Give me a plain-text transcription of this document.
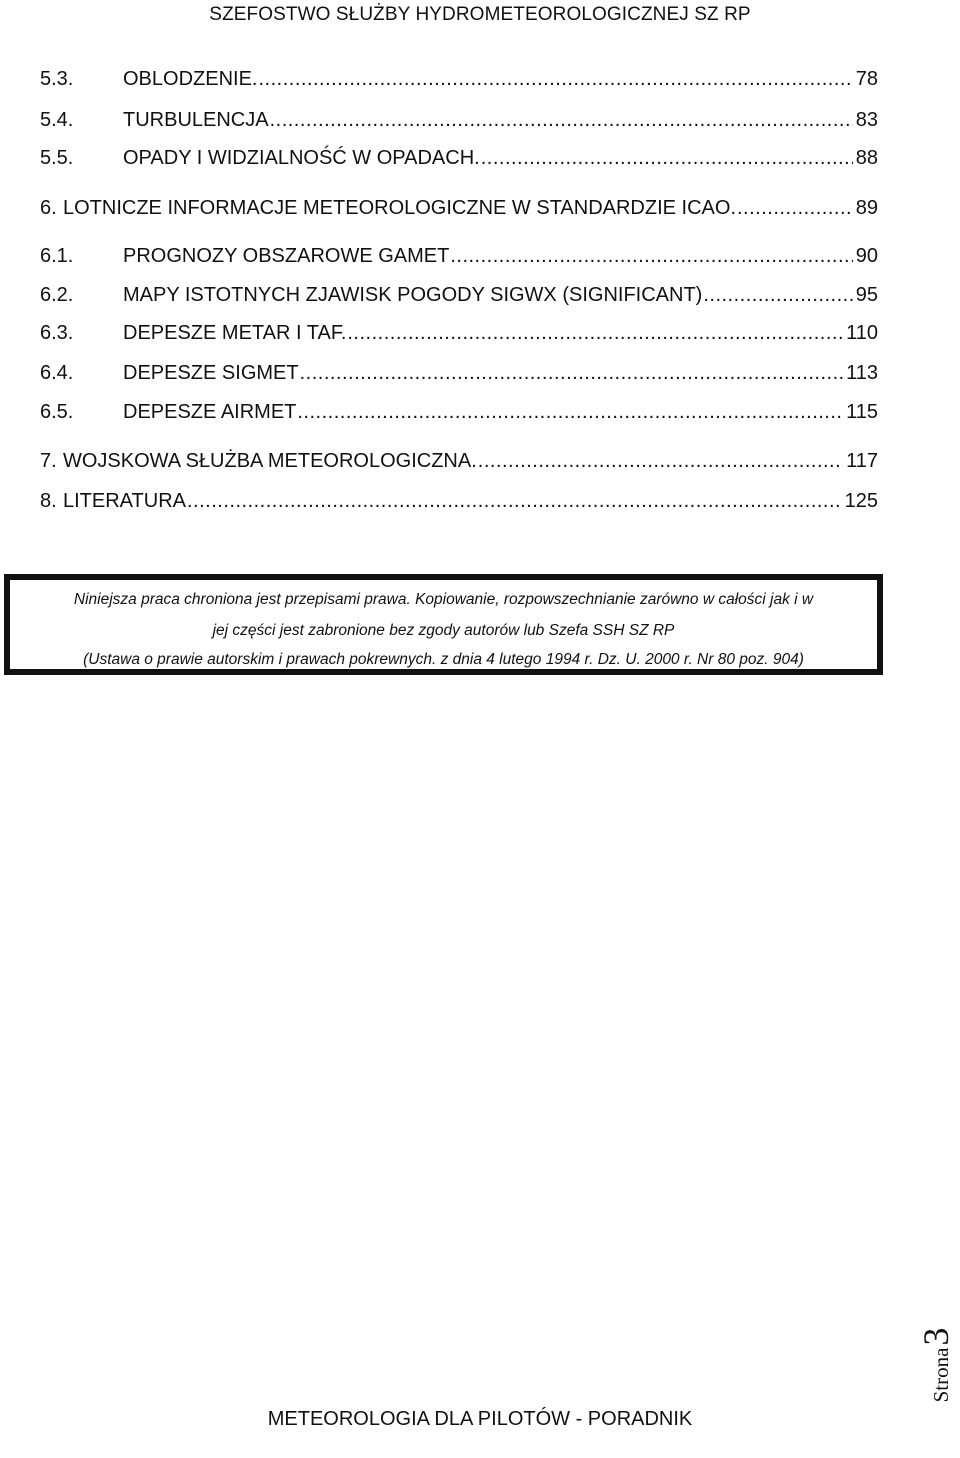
SZEFOSTWO SŁUŻBY HYDROMETEOROLOGICZNEJ SZ RP
5.3.	OBLODZENIE. .....	78
5.4.	TURBULENCJA .....	83
5.5.	OPADY I WIDZIALNOŚĆ W OPADACH. .....	88
6. LOTNICZE INFORMACJE METEOROLOGICZNE W STANDARDZIE ICAO. .....	89
6.1.	PROGNOZY OBSZAROWE GAMET .....	90
6.2.	MAPY ISTOTNYCH ZJAWISK POGODY SIGWX (SIGNIFICANT) .....	95
6.3.	DEPESZE METAR I TAF. .....	110
6.4.	DEPESZE SIGMET .....	113
6.5.	DEPESZE AIRMET .....	115
7. WOJSKOWA SŁUŻBA METEOROLOGICZNA. .....	117
8. LITERATURA .....	125
Niniejsza praca chroniona jest przepisami prawa. Kopiowanie, rozpowszechnianie zarówno w całości jak i w
jej części jest zabronione bez zgody autorów lub Szefa SSH SZ RP
(Ustawa o prawie autorskim i prawach pokrewnych. z dnia 4 lutego 1994 r. Dz. U. 2000 r. Nr 80 poz. 904)
Strona3
METEOROLOGIA DLA PILOTÓW - PORADNIK
